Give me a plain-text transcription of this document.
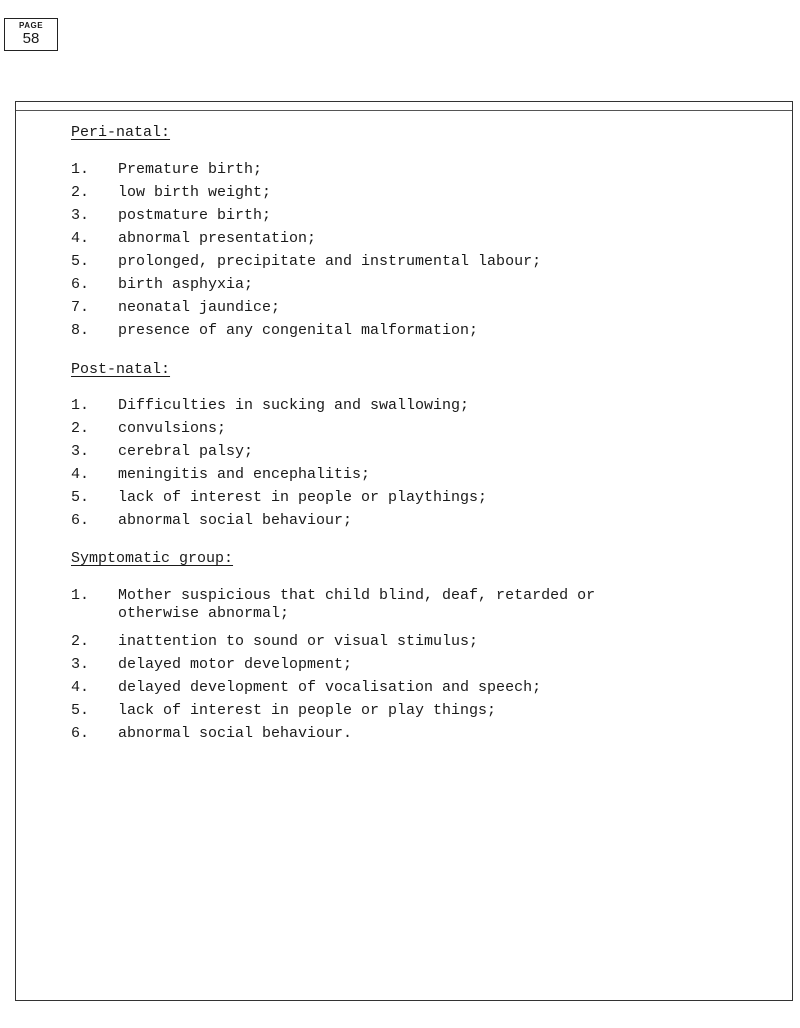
PAGE
58
Peri-natal:
1. Premature birth;
2. low birth weight;
3. postmature birth;
4. abnormal presentation;
5. prolonged, precipitate and instrumental labour;
6. birth asphyxia;
7. neonatal jaundice;
8. presence of any congenital malformation;
Post-natal:
1. Difficulties in sucking and swallowing;
2. convulsions;
3. cerebral palsy;
4. meningitis and encephalitis;
5. lack of interest in people or playthings;
6. abnormal social behaviour;
Symptomatic group:
1. Mother suspicious that child blind, deaf, retarded or
otherwise abnormal;
2. inattention to sound or visual stimulus;
3. delayed motor development;
4. delayed development of vocalisation and speech;
5. lack of interest in people or play things;
6. abnormal social behaviour.
